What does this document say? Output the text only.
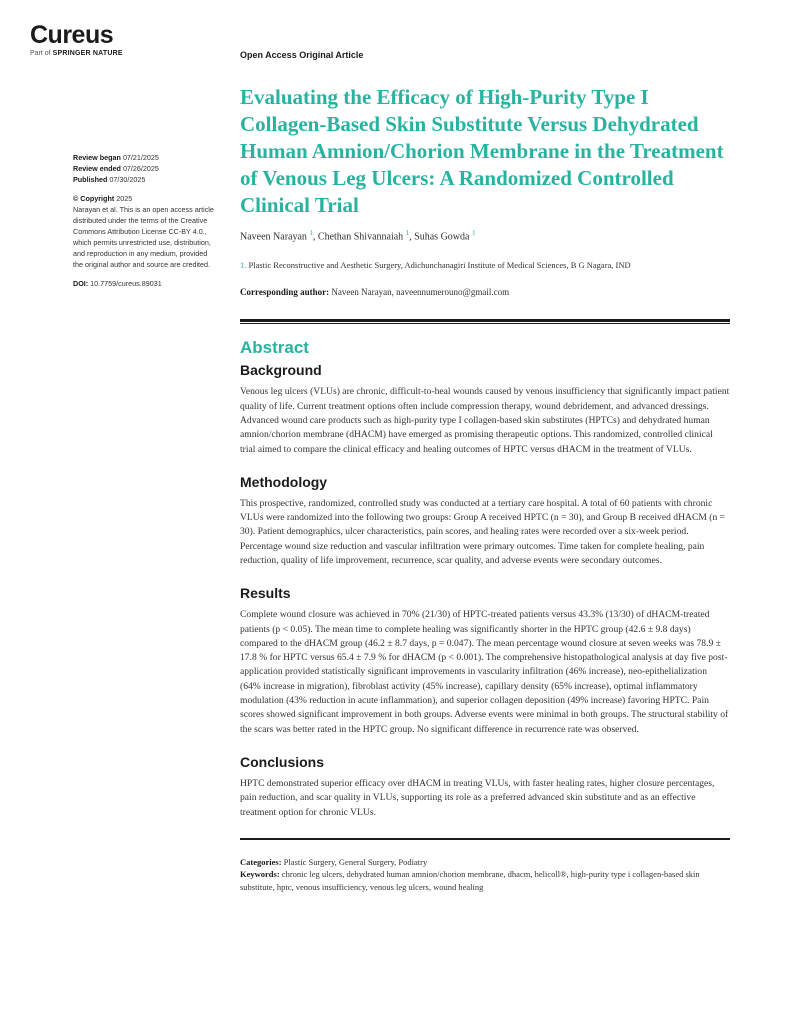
Cureus
Part of SPRINGER NATURE	Open Access Original Article
Review began 07/21/2025
Review ended 07/26/2025
Published 07/30/2025
© Copyright 2025
Narayan et al. This is an open access article distributed under the terms of the Creative Commons Attribution License CC-BY 4.0., which permits unrestricted use, distribution, and reproduction in any medium, provided the original author and source are credited.
DOI: 10.7759/cureus.89031
Evaluating the Efficacy of High-Purity Type I Collagen-Based Skin Substitute Versus Dehydrated Human Amnion/Chorion Membrane in the Treatment of Venous Leg Ulcers: A Randomized Controlled Clinical Trial
Naveen Narayan $^1$, Chethan Shivannaiah $^1$, Suhas Gowda $^1$
1. Plastic Reconstructive and Aesthetic Surgery, Adichunchanagiri Institute of Medical Sciences, B G Nagara, IND
Corresponding author: Naveen Narayan, naveennumerouno@gmail.com
Abstract
Background
Venous leg ulcers (VLUs) are chronic, difficult-to-heal wounds caused by venous insufficiency that significantly impact patient quality of life. Current treatment options often include compression therapy, wound debridement, and advanced dressings. Advanced wound care products such as high-purity type I collagen-based skin substitutes (HPTCs) and dehydrated human amnion/chorion membrane (dHACM) have emerged as promising therapeutic options. This randomized, controlled clinical trial aimed to compare the clinical efficacy and healing outcomes of HPTC versus dHACM in the treatment of VLUs.
Methodology
This prospective, randomized, controlled study was conducted at a tertiary care hospital. A total of 60 patients with chronic VLUs were randomized into the following two groups: Group A received HPTC (n = 30), and Group B received dHACM (n = 30). Patient demographics, ulcer characteristics, pain scores, and healing rates were recorded over a six-week period. Percentage wound size reduction and vascular infiltration were primary outcomes. Time taken for complete healing, pain reduction, quality of life improvement, recurrence, scar quality, and adverse events were secondary outcomes.
Results
Complete wound closure was achieved in 70% (21/30) of HPTC-treated patients versus 43.3% (13/30) of dHACM-treated patients (p < 0.05). The mean time to complete healing was significantly shorter in the HPTC group (42.6 ± 9.8 days) compared to the dHACM group (46.2 ± 8.7 days, p = 0.047). The mean percentage wound closure at seven weeks was 78.9 ± 17.8 % for HPTC versus 65.4 ± 7.9 % for dHACM (p < 0.001). The comprehensive histopathological analysis at day five post-application provided statistically significant improvements in vascularity infiltration (46% increase), neo-epithelialization (64% increase in migration), fibroblast activity (45% increase), capillary density (65% increase), optimal inflammatory modulation (43% reduction in acute inflammation), and superior collagen deposition (49% increase) favoring HPTC. Pain scores showed significant improvement in both groups. Adverse events were minimal in both groups. The structural stability of the scars was better rated in the HPTC group. No significant difference in recurrence rate was observed.
Conclusions
HPTC demonstrated superior efficacy over dHACM in treating VLUs, with faster healing rates, higher closure percentages, pain reduction, and scar quality in VLUs, supporting its role as a preferred advanced skin substitute and as an effective treatment option for chronic VLUs.
Categories: Plastic Surgery, General Surgery, Podiatry
Keywords: chronic leg ulcers, dehydrated human amnion/chorion membrane, dhacm, helicoll®, high-purity type i collagen-based skin substitute, hptc, venous insufficiency, venous leg ulcers, wound healing
